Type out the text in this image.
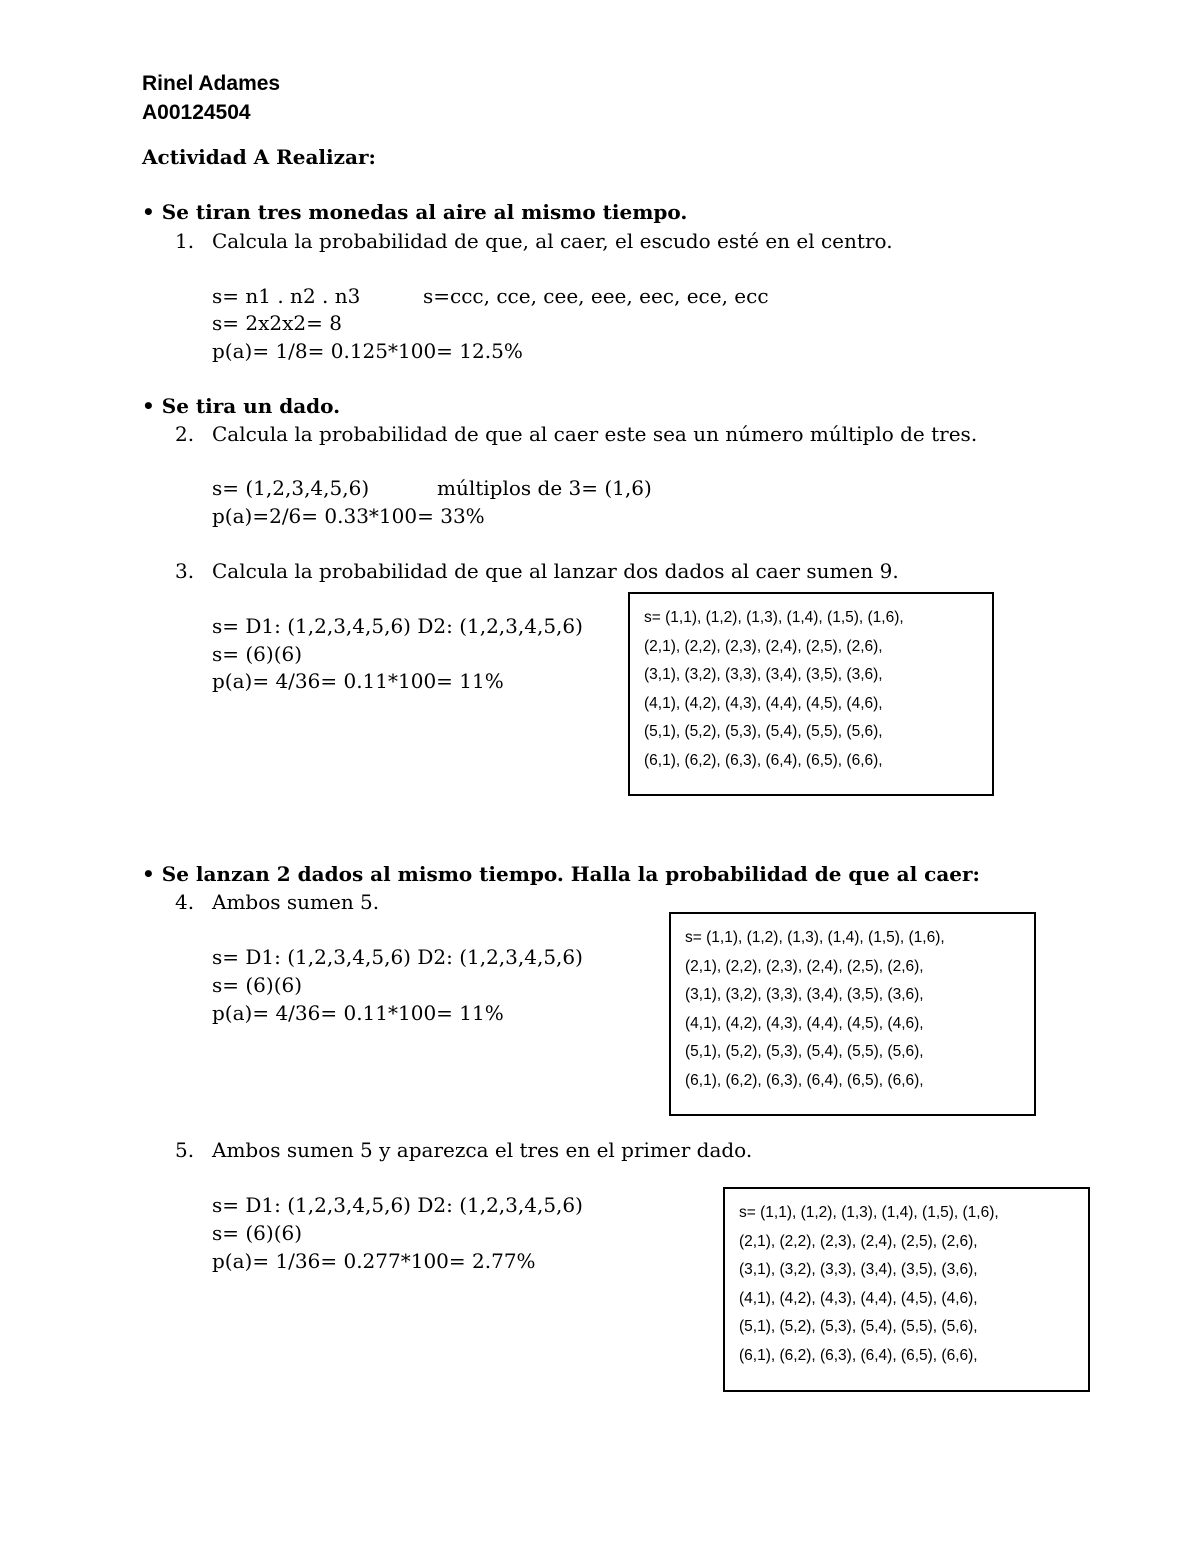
Rinel Adames
A00124504
Actividad A Realizar:
• Se tiran tres monedas al aire al mismo tiempo.
1. Calcula la probabilidad de que, al caer, el escudo esté en el centro.
s= n1 . n2 . n3	s=ccc, cce, cee, eee, eec, ece, ecc
s= 2x2x2= 8
p(a)= 1/8= 0.125*100= 12.5%
• Se tira un dado.
2. Calcula la probabilidad de que al caer este sea un número múltiplo de tres.
s= (1,2,3,4,5,6)	múltiplos de 3= (1,6)
p(a)=2/6= 0.33*100= 33%
3. Calcula la probabilidad de que al lanzar dos dados al caer sumen 9.
s= D1: (1,2,3,4,5,6) D2: (1,2,3,4,5,6)
s= (6)(6)
p(a)= 4/36= 0.11*100= 11%
s= (1,1), (1,2), (1,3), (1,4), (1,5), (1,6),
(2,1), (2,2), (2,3), (2,4), (2,5), (2,6),
(3,1), (3,2), (3,3), (3,4), (3,5), (3,6),
(4,1), (4,2), (4,3), (4,4), (4,5), (4,6),
(5,1), (5,2), (5,3), (5,4), (5,5), (5,6),
(6,1), (6,2), (6,3), (6,4), (6,5), (6,6),
• Se lanzan 2 dados al mismo tiempo. Halla la probabilidad de que al caer:
4. Ambos sumen 5.
s= D1: (1,2,3,4,5,6) D2: (1,2,3,4,5,6)
s= (6)(6)
p(a)= 4/36= 0.11*100= 11%
s= (1,1), (1,2), (1,3), (1,4), (1,5), (1,6),
(2,1), (2,2), (2,3), (2,4), (2,5), (2,6),
(3,1), (3,2), (3,3), (3,4), (3,5), (3,6),
(4,1), (4,2), (4,3), (4,4), (4,5), (4,6),
(5,1), (5,2), (5,3), (5,4), (5,5), (5,6),
(6,1), (6,2), (6,3), (6,4), (6,5), (6,6),
5. Ambos sumen 5 y aparezca el tres en el primer dado.
s= D1: (1,2,3,4,5,6) D2: (1,2,3,4,5,6)
s= (6)(6)
p(a)= 1/36= 0.277*100= 2.77%
s= (1,1), (1,2), (1,3), (1,4), (1,5), (1,6),
(2,1), (2,2), (2,3), (2,4), (2,5), (2,6),
(3,1), (3,2), (3,3), (3,4), (3,5), (3,6),
(4,1), (4,2), (4,3), (4,4), (4,5), (4,6),
(5,1), (5,2), (5,3), (5,4), (5,5), (5,6),
(6,1), (6,2), (6,3), (6,4), (6,5), (6,6),
